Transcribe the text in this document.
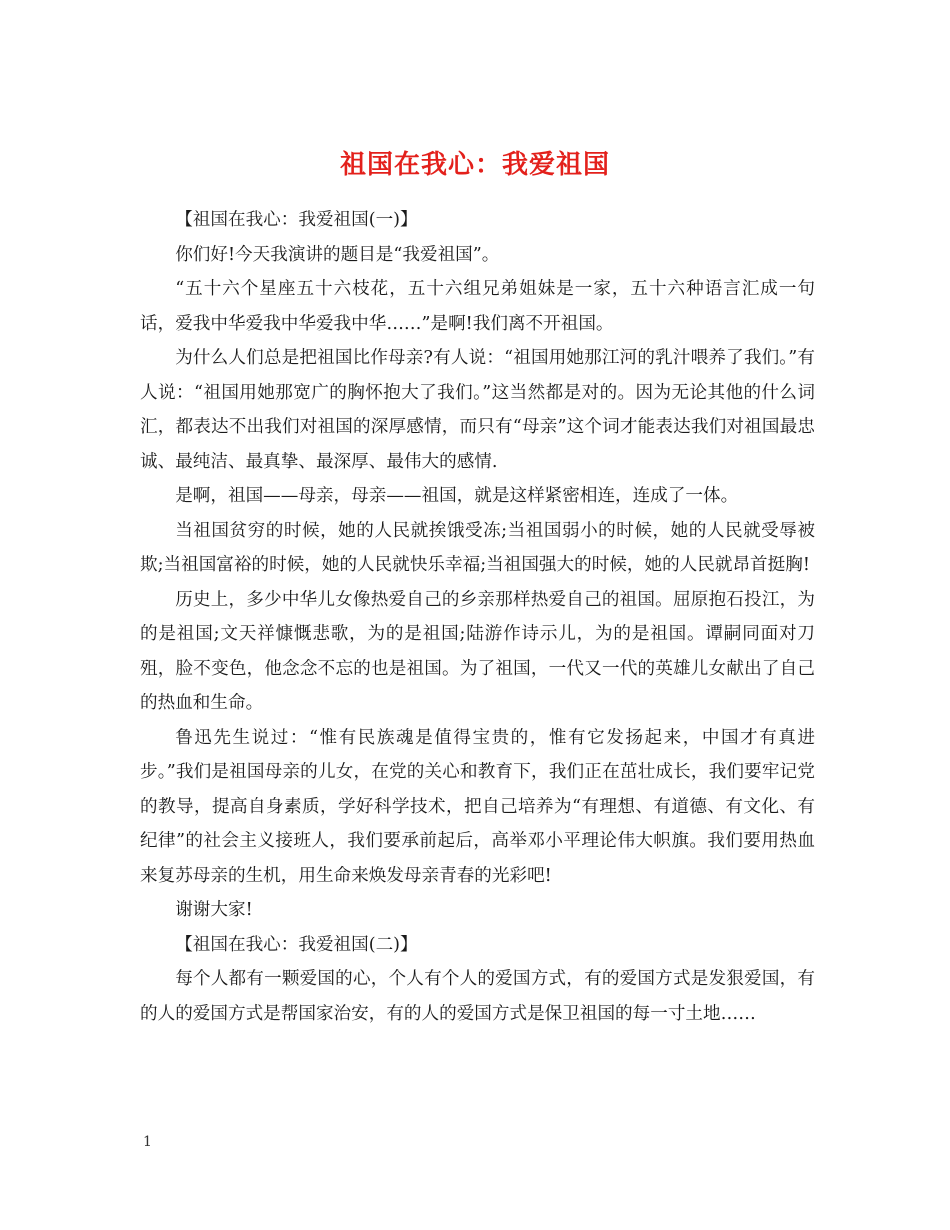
祖国在我心：我爱祖国

【祖国在我心：我爱祖国(一)】

你们好!今天我演讲的题目是“我爱祖国”。

“五十六个星座五十六枝花，五十六组兄弟姐妹是一家，五十六种语言汇成一句话，爱我中华爱我中华爱我中华……”是啊!我们离不开祖国。

为什么人们总是把祖国比作母亲?有人说：“祖国用她那江河的乳汁喂养了我们。”有人说：“祖国用她那宽广的胸怀抱大了我们。”这当然都是对的。因为无论其他的什么词汇，都表达不出我们对祖国的深厚感情，而只有“母亲”这个词才能表达我们对祖国最忠诚、最纯洁、最真挚、最深厚、最伟大的感情.

是啊，祖国——母亲，母亲——祖国，就是这样紧密相连，连成了一体。

当祖国贫穷的时候，她的人民就挨饿受冻;当祖国弱小的时候，她的人民就受辱被欺;当祖国富裕的时候，她的人民就快乐幸福;当祖国强大的时候，她的人民就昂首挺胸!

历史上，多少中华儿女像热爱自己的乡亲那样热爱自己的祖国。屈原抱石投江，为的是祖国;文天祥慷慨悲歌，为的是祖国;陆游作诗示儿，为的是祖国。谭嗣同面对刀殂，脸不变色，他念念不忘的也是祖国。为了祖国，一代又一代的英雄儿女献出了自己的热血和生命。

鲁迅先生说过：“惟有民族魂是值得宝贵的，惟有它发扬起来，中国才有真进步。”我们是祖国母亲的儿女，在党的关心和教育下，我们正在茁壮成长，我们要牢记党的教导，提高自身素质，学好科学技术，把自己培养为“有理想、有道德、有文化、有纪律”的社会主义接班人，我们要承前起后，高举邓小平理论伟大帜旗。我们要用热血来复苏母亲的生机，用生命来焕发母亲青春的光彩吧!

谢谢大家!

【祖国在我心：我爱祖国(二)】

每个人都有一颗爱国的心，个人有个人的爱国方式，有的爱国方式是发狠爱国，有的人的爱国方式是帮国家治安，有的人的爱国方式是保卫祖国的每一寸土地……

1
